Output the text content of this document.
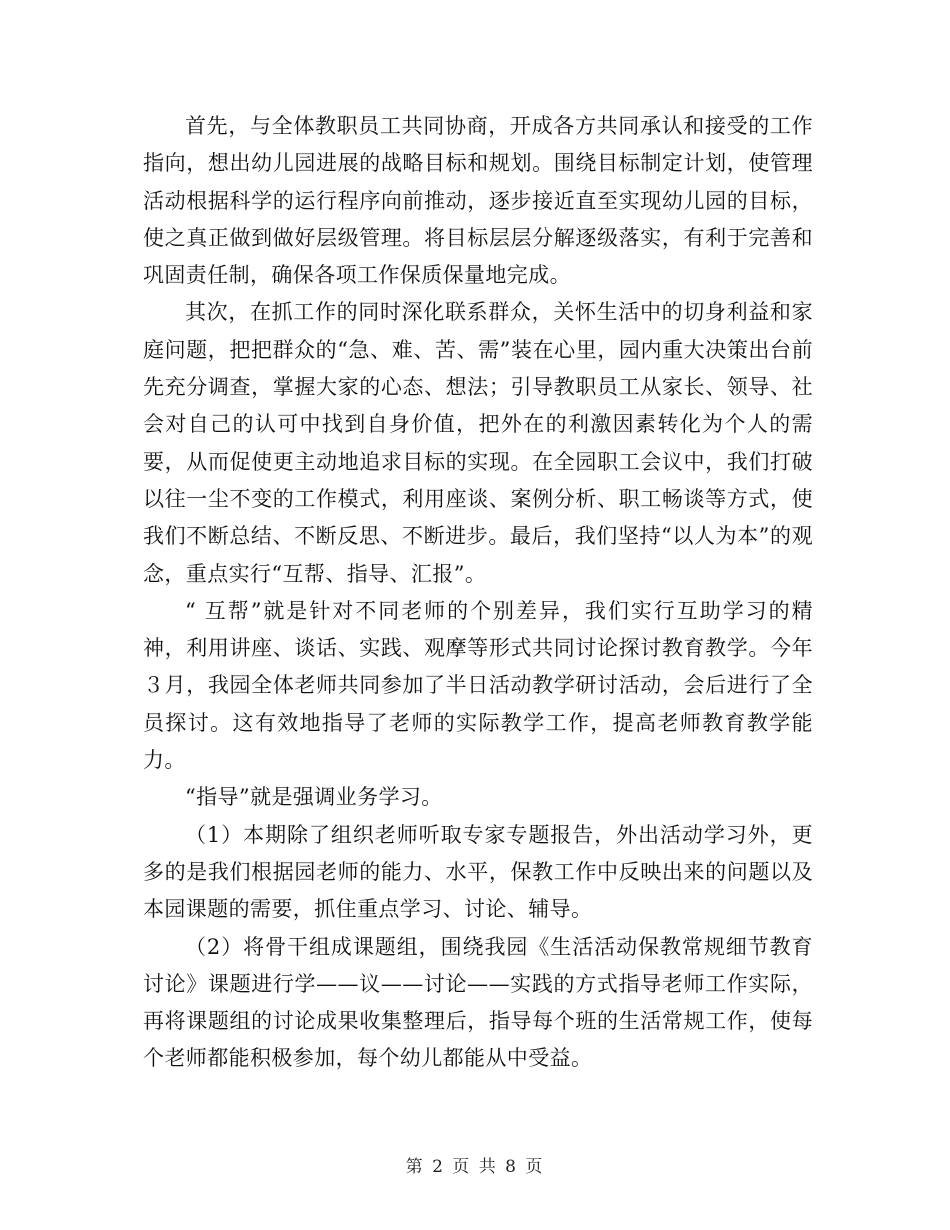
首先，与全体教职员工共同协商，开成各方共同承认和接受的工作指向，想出幼儿园进展的战略目标和规划。围绕目标制定计划，使管理活动根据科学的运行程序向前推动，逐步接近直至实现幼儿园的目标，使之真正做到做好层级管理。将目标层层分解逐级落实，有利于完善和巩固责任制，确保各项工作保质保量地完成。

其次，在抓工作的同时深化联系群众，关怀生活中的切身利益和家庭问题，把把群众的“急、难、苦、需”装在心里，园内重大决策出台前先充分调查，掌握大家的心态、想法；引导教职员工从家长、领导、社会对自己的认可中找到自身价值，把外在的利激因素转化为个人的需要，从而促使更主动地追求目标的实现。在全园职工会议中，我们打破以往一尘不变的工作模式，利用座谈、案例分析、职工畅谈等方式，使我们不断总结、不断反思、不断进步。最后，我们坚持“以人为本”的观念，重点实行“互帮、指导、汇报”。

“ 互帮”就是针对不同老师的个别差异，我们实行互助学习的精神，利用讲座、谈话、实践、观摩等形式共同讨论探讨教育教学。今年３月，我园全体老师共同参加了半日活动教学研讨活动，会后进行了全员探讨。这有效地指导了老师的实际教学工作，提高老师教育教学能力。

“指导”就是强调业务学习。

（1）本期除了组织老师听取专家专题报告，外出活动学习外，更多的是我们根据园老师的能力、水平，保教工作中反映出来的问题以及本园课题的需要，抓住重点学习、讨论、辅导。

（2）将骨干组成课题组，围绕我园《生活活动保教常规细节教育讨论》课题进行学——议——讨论——实践的方式指导老师工作实际，再将课题组的讨论成果收集整理后，指导每个班的生活常规工作，使每个老师都能积极参加，每个幼儿都能从中受益。

第 2 页 共 8 页
